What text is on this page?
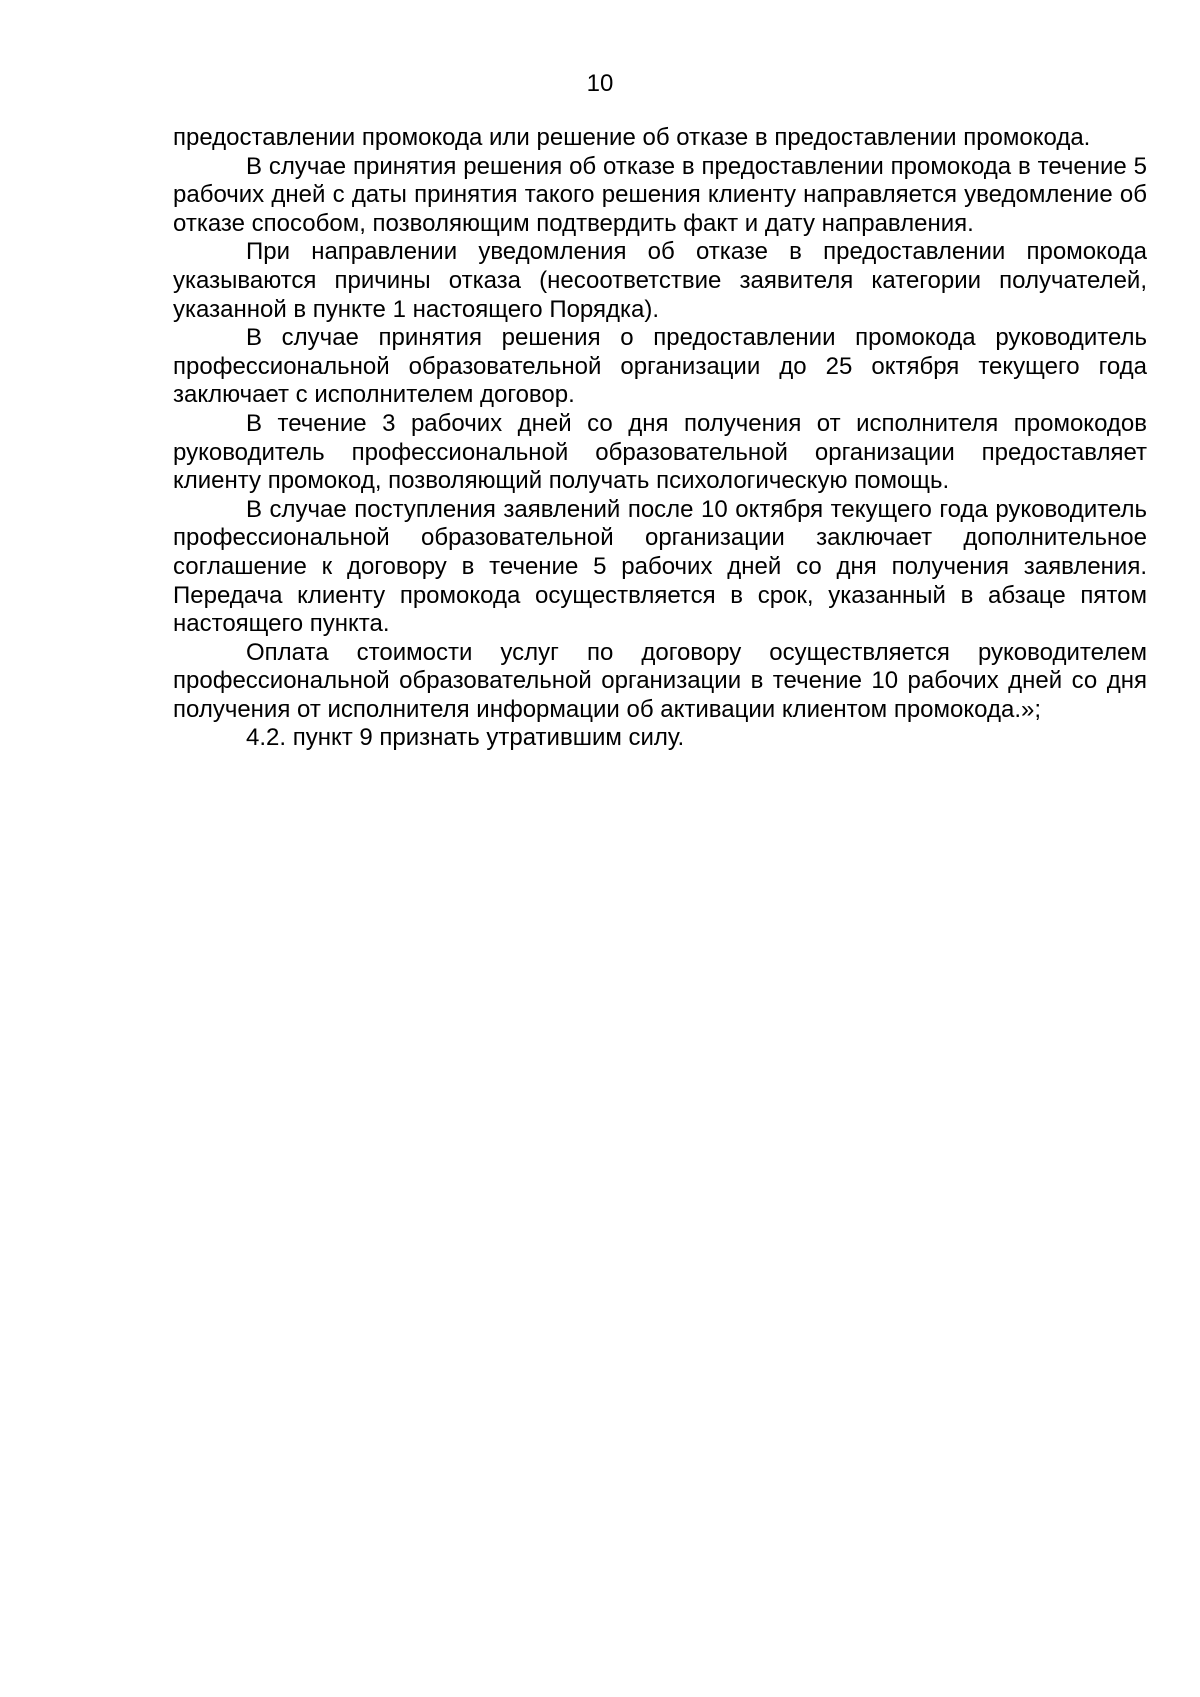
10

предоставлении промокода или решение об отказе в предоставлении промокода.

В случае принятия решения об отказе в предоставлении промокода в течение 5 рабочих дней с даты принятия такого решения клиенту направляется уведомление об отказе способом, позволяющим подтвердить факт и дату направления.

При направлении уведомления об отказе в предоставлении промокода указываются причины отказа (несоответствие заявителя категории получателей, указанной в пункте 1 настоящего Порядка).

В случае принятия решения о предоставлении промокода руководитель профессиональной образовательной организации до 25 октября текущего года заключает с исполнителем договор.

В течение 3 рабочих дней со дня получения от исполнителя промокодов руководитель профессиональной образовательной организации предоставляет клиенту промокод, позволяющий получать психологическую помощь.

В случае поступления заявлений после 10 октября текущего года руководитель профессиональной образовательной организации заключает дополнительное соглашение к договору в течение 5 рабочих дней со дня получения заявления. Передача клиенту промокода осуществляется в срок, указанный в абзаце пятом настоящего пункта.

Оплата стоимости услуг по договору осуществляется руководителем профессиональной образовательной организации в течение 10 рабочих дней со дня получения от исполнителя информации об активации клиентом промокода.»;

4.2. пункт 9 признать утратившим силу.
